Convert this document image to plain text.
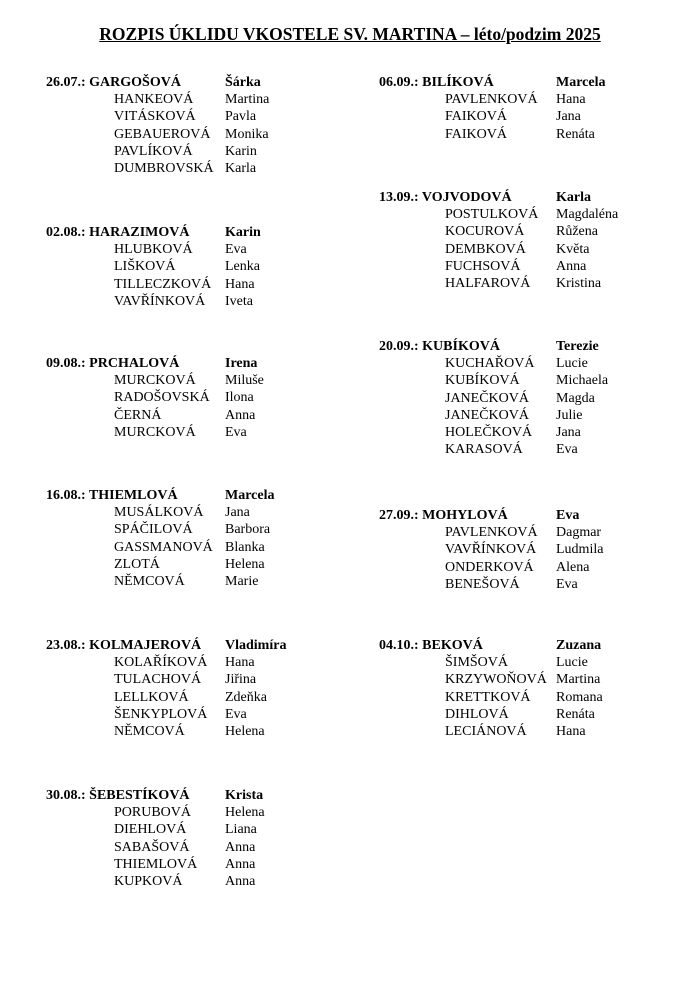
ROZPIS ÚKLIDU VKOSTELE SV. MARTINA – léto/podzim 2025
26.07.: GARGOŠOVÁ	Šárka
HANKEOVÁ Martina
VITÁSKOVÁ Pavla
GEBAUEROVÁ Monika
PAVLÍKOVÁ Karin
DUMBROVSKÁ Karla
02.08.: HARAZIMOVÁ	Karin
HLUBKOVÁ Eva
LIŠKOVÁ	Lenka
TILLECZKOVÁ Hana
VAVŘÍNKOVÁ Iveta
09.08.: PRCHALOVÁ	Irena
MURCKOVÁ Miluše
RADOŠOVSKÁ Ilona
ČERNÁ	Anna
MURCKOVÁ Eva
16.08.: THIEMLOVÁ	Marcela
MUSÁLKOVÁ Jana
SPÁČILOVÁ Barbora
GASSMANOVÁ Blanka
ZLOTÁ	Helena
NĚMCOVÁ	Marie
23.08.: KOLMAJEROVÁ Vladimíra
KOLAŘÍKOVÁ Hana
TULACHOVÁ Jiřina
LELLKOVÁ	Zdeňka
ŠENKYPLOVÁ Eva
NĚMCOVÁ	Helena
30.08.: ŠEBESTÍKOVÁ	Krista
PORUBOVÁ Helena
DIEHLOVÁ	Liana
SABAŠOVÁ	Anna
THIEMLOVÁ Anna
KUPKOVÁ	Anna
06.09.: BILÍKOVÁ	Marcela
PAVLENKOVÁ Hana
FAIKOVÁ	Jana
FAIKOVÁ	Renáta
13.09.: VOJVODOVÁ	Karla
POSTULKOVÁ Magdaléna
KOCUROVÁ Růžena
DEMBKOVÁ Květa
FUCHSOVÁ	Anna
HALFAROVÁ Kristina
20.09.: KUBÍKOVÁ	Terezie
KUCHAŘOVÁ Lucie
KUBÍKOVÁ	Michaela
JANEČKOVÁ Magda
JANEČKOVÁ Julie
HOLEČKOVÁ Jana
KARASOVÁ Eva
27.09.: MOHYLOVÁ	Eva
PAVLENKOVÁ Dagmar
VAVŘÍNKOVÁ Ludmila
ONDERKOVÁ Alena
BENEŠOVÁ	Eva
04.10.: BEKOVÁ	Zuzana
ŠIMŠOVÁ	Lucie
KRZYWOŇOVÁ Martina
KRETTKOVÁ Romana
DIHLOVÁ	Renáta
LECIÁNOVÁ Hana
